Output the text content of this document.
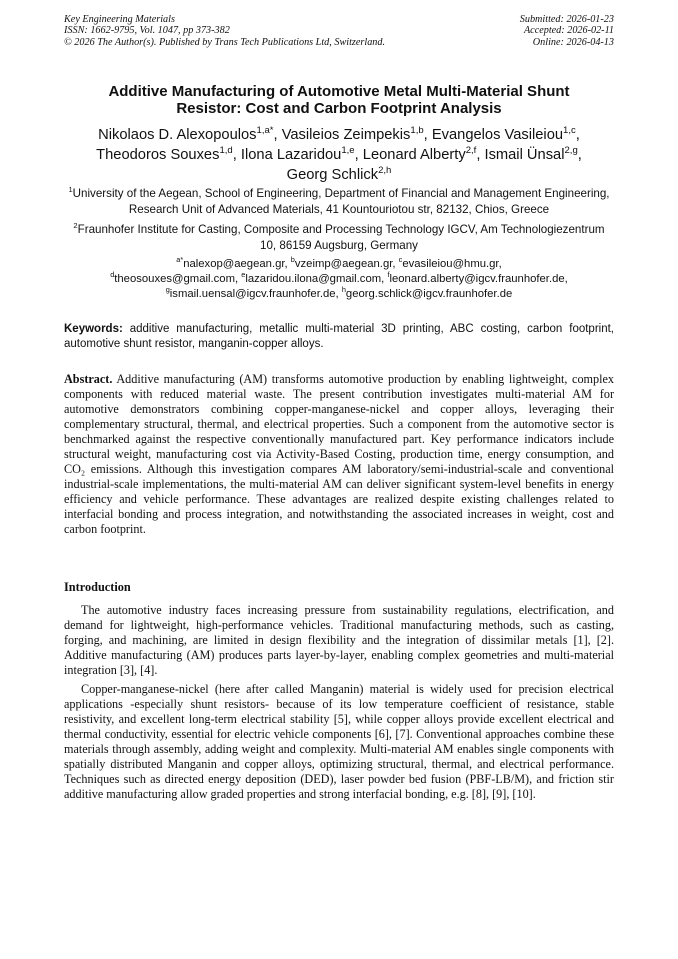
Key Engineering Materials
ISSN: 1662-9795, Vol. 1047, pp 373-382
© 2026 The Author(s). Published by Trans Tech Publications Ltd, Switzerland.
Submitted: 2026-01-23
Accepted: 2026-02-11
Online: 2026-04-13
Additive Manufacturing of Automotive Metal Multi-Material Shunt
Resistor: Cost and Carbon Footprint Analysis
Nikolaos D. Alexopoulos$^{1,a*}$, Vasileios Zeimpekis$^{1,b}$, Evangelos Vasileiou$^{1,c}$,
Theodoros Souxes$^{1,d}$, Ilona Lazaridou$^{1,e}$, Leonard Alberty$^{2,f}$, Ismail Ünsal$^{2,g}$,
Georg Schlick$^{2,h}$
$^1$University of the Aegean, School of Engineering, Department of Financial and Management Engineering, Research Unit of Advanced Materials, 41 Kountouriotou str, 82132, Chios, Greece
$^2$Fraunhofer Institute for Casting, Composite and Processing Technology IGCV, Am Technologiezentrum 10, 86159 Augsburg, Germany
$^{a*}$nalexop@aegean.gr, $^b$vzeimp@aegean.gr, $^c$evasileiou@hmu.gr,
$^d$theosouxes@gmail.com, $^e$lazaridou.ilona@gmail.com, $^f$leonard.alberty@igcv.fraunhofer.de,
$^g$ismail.uensal@igcv.fraunhofer.de, $^h$georg.schlick@igcv.fraunhofer.de
Keywords: additive manufacturing, metallic multi-material 3D printing, ABC costing, carbon footprint, automotive shunt resistor, manganin-copper alloys.
Abstract. Additive manufacturing (AM) transforms automotive production by enabling lightweight, complex components with reduced material waste. The present contribution investigates multi-material AM for automotive demonstrators combining copper-manganese-nickel and copper alloys, leveraging their complementary structural, thermal, and electrical properties. Such a component from the automotive sector is benchmarked against the respective conventionally manufactured part. Key performance indicators include structural weight, manufacturing cost via Activity-Based Costing, production time, energy consumption, and CO₂ emissions. Although this investigation compares AM laboratory/semi-industrial-scale and conventional industrial-scale implementations, the multi-material AM can deliver significant system-level benefits in energy efficiency and vehicle performance. These advantages are realized despite existing challenges related to interfacial bonding and process integration, and notwithstanding the associated increases in weight, cost and carbon footprint.
Introduction
The automotive industry faces increasing pressure from sustainability regulations, electrification, and demand for lightweight, high-performance vehicles. Traditional manufacturing methods, such as casting, forging, and machining, are limited in design flexibility and the integration of dissimilar metals [1], [2]. Additive manufacturing (AM) produces parts layer-by-layer, enabling complex geometries and multi-material integration [3], [4].
Copper-manganese-nickel (here after called Manganin) material is widely used for precision electrical applications -especially shunt resistors- because of its low temperature coefficient of resistance, stable resistivity, and excellent long-term electrical stability [5], while copper alloys provide excellent electrical and thermal conductivity, essential for electric vehicle components [6], [7]. Conventional approaches combine these materials through assembly, adding weight and complexity. Multi-material AM enables single components with spatially distributed Manganin and copper alloys, optimizing structural, thermal, and electrical performance. Techniques such as directed energy deposition (DED), laser powder bed fusion (PBF-LB/M), and friction stir additive manufacturing allow graded properties and strong interfacial bonding, e.g. [8], [9], [10].
